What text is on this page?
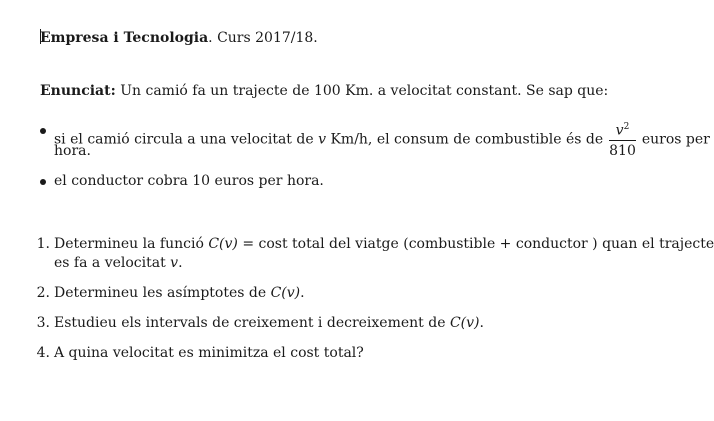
Empresa i Tecnologia. Curs 2017/18.
Enunciat: Un camió fa un trajecte de 100 Km. a velocitat constant. Se sap que:
si el camió circula a una velocitat de v Km/h, el consum de combustible és de $\frac{v^2}{810}$ euros per
hora.
el conductor cobra 10 euros per hora.
1. Determineu la funció C(v) = cost total del viatge (combustible + conductor ) quan el trajecte
es fa a velocitat v.
2. Determineu les asímptotes de C(v).
3. Estudieu els intervals de creixement i decreixement de C(v).
4. A quina velocitat es minimitza el cost total?
